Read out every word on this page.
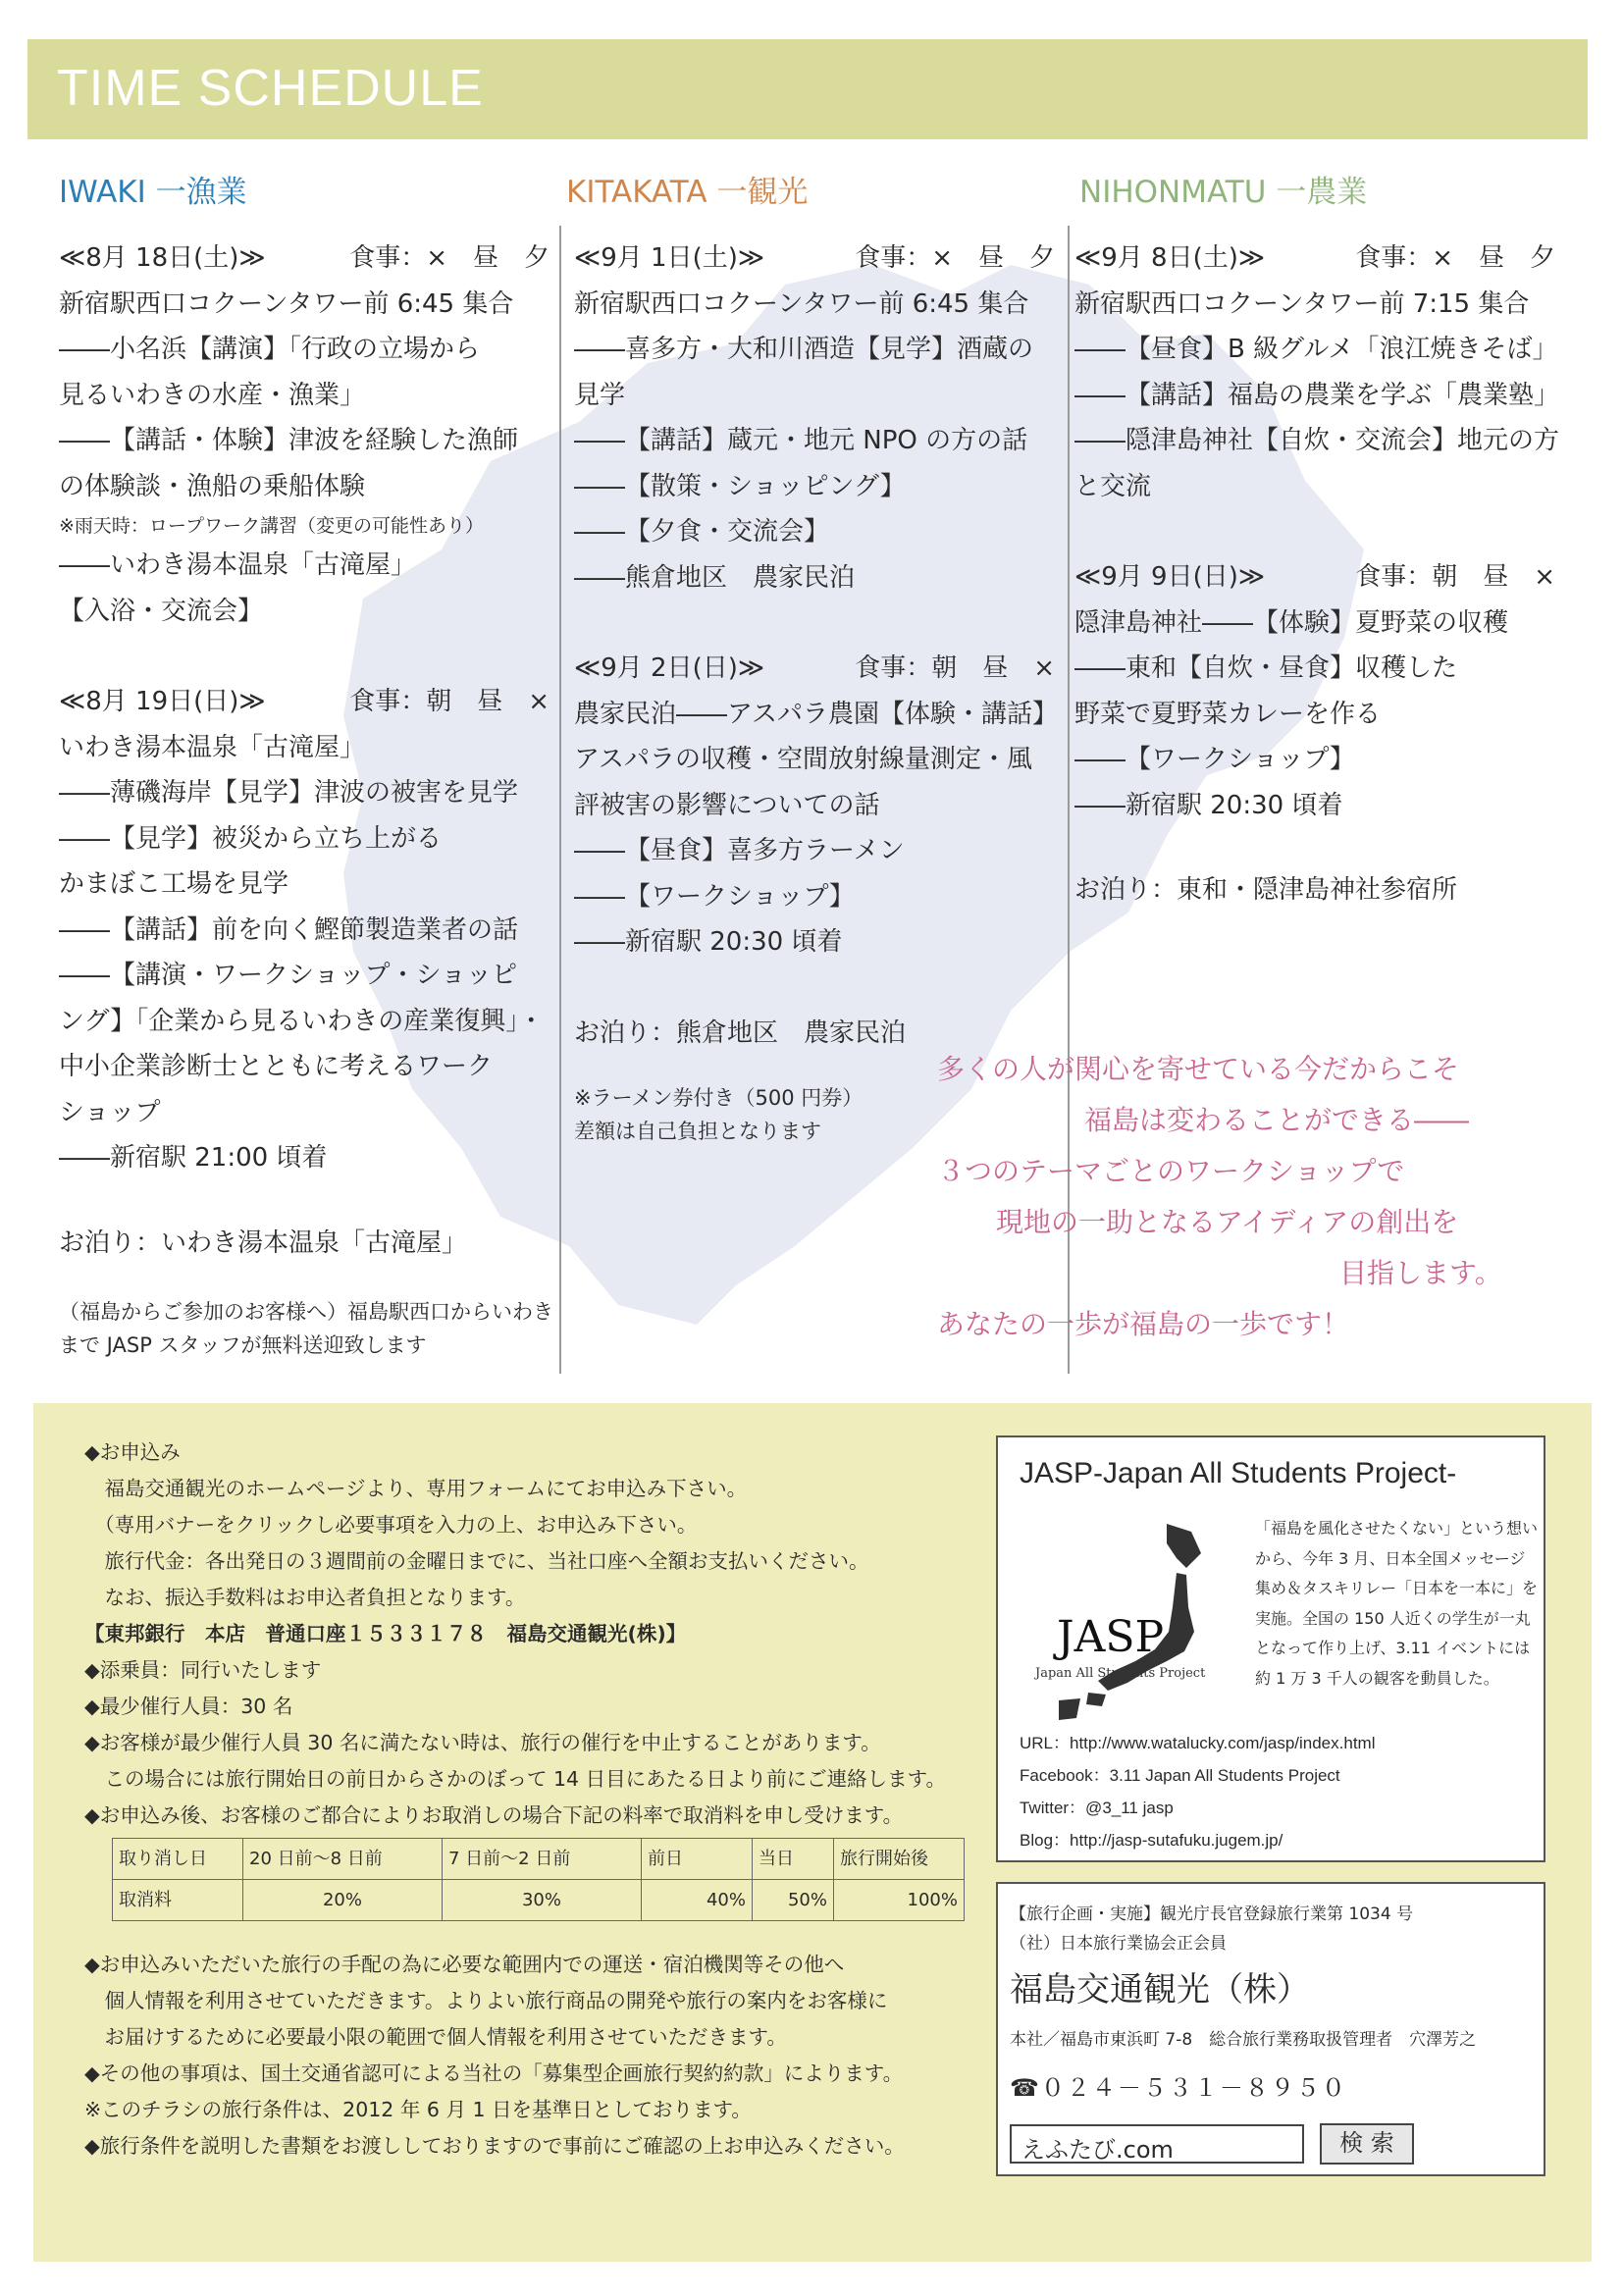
TIME SCHEDULE
IWAKI 一漁業	KITAKATA 一観光	NIHONMATU 一農業
≪8月 18日(土)≫	食事：×　昼　夕
新宿駅西口コクーンタワー前 6:45 集合
――小名浜【講演】「行政の立場から
見るいわきの水産・漁業」
――【講話・体験】津波を経験した漁師
の体験談・漁船の乗船体験
※雨天時：ロープワーク講習（変更の可能性あり）
――いわき湯本温泉「古滝屋」
【入浴・交流会】
≪8月 19日(日)≫	食事：朝　昼　×
いわき湯本温泉「古滝屋」
――薄磯海岸【見学】津波の被害を見学
――【見学】被災から立ち上がる
かまぼこ工場を見学
――【講話】前を向く鰹節製造業者の話
――【講演・ワークショップ・ショッピ
ング】「企業から見るいわきの産業復興」・
中小企業診断士とともに考えるワーク
ショップ
――新宿駅 21:00 頃着
お泊り：いわき湯本温泉「古滝屋」
（福島からご参加のお客様へ）福島駅西口からいわき
まで JASP スタッフが無料送迎致します
≪9月 1日(土)≫	食事：×　昼　夕
新宿駅西口コクーンタワー前 6:45 集合
――喜多方・大和川酒造【見学】酒蔵の
見学
――【講話】蔵元・地元 NPO の方の話
――【散策・ショッピング】
――【夕食・交流会】
――熊倉地区　農家民泊
≪9月 2日(日)≫	食事：朝　昼　×
農家民泊――アスパラ農園【体験・講話】
アスパラの収穫・空間放射線量測定・風
評被害の影響についての話
――【昼食】喜多方ラーメン
――【ワークショップ】
――新宿駅 20:30 頃着
お泊り：熊倉地区　農家民泊
※ラーメン券付き（500 円券）
差額は自己負担となります
≪9月 8日(土)≫	食事：×　昼　夕
新宿駅西口コクーンタワー前 7:15 集合
――【昼食】B 級グルメ「浪江焼きそば」
――【講話】福島の農業を学ぶ「農業塾」
――隠津島神社【自炊・交流会】地元の方
と交流
≪9月 9日(日)≫	食事：朝　昼　×
隠津島神社――【体験】夏野菜の収穫
――東和【自炊・昼食】収穫した
野菜で夏野菜カレーを作る
――【ワークショップ】
――新宿駅 20:30 頃着
お泊り：東和・隠津島神社参宿所
多くの人が関心を寄せている今だからこそ
福島は変わることができる――
３つのテーマごとのワークショップで
現地の一助となるアイディアの創出を
目指します。
あなたの一歩が福島の一歩です！
◆お申込み
　福島交通観光のホームページより、専用フォームにてお申込み下さい。
　（専用バナーをクリックし必要事項を入力の上、お申込み下さい。
　旅行代金：各出発日の３週間前の金曜日までに、当社口座へ全額お支払いください。
　なお、振込手数料はお申込者負担となります。
【東邦銀行　本店　普通口座１５３３１７８　福島交通観光(株)】
◆添乗員：同行いたします
◆最少催行人員：30 名
◆お客様が最少催行人員 30 名に満たない時は、旅行の催行を中止することがあります。
　この場合には旅行開始日の前日からさかのぼって 14 日目にあたる日より前にご連絡します。
◆お申込み後、お客様のご都合によりお取消しの場合下記の料率で取消料を申し受けます。
取り消し日	20 日前～8 日前	7 日前～2 日前	前日	当日	旅行開始後
取消料	20%	30%	40%	50%	100%
◆お申込みいただいた旅行の手配の為に必要な範囲内での運送・宿泊機関等その他へ
　個人情報を利用させていただきます。よりよい旅行商品の開発や旅行の案内をお客様に
　お届けするために必要最小限の範囲で個人情報を利用させていただきます。
◆その他の事項は、国土交通省認可による当社の「募集型企画旅行契約約款」によります。
※このチラシの旅行条件は、2012 年 6 月 1 日を基準日としております。
◆旅行条件を説明した書類をお渡ししておりますので事前にご確認の上お申込みください。
JASP-Japan All Students Project-
JASP
Japan All Students Project
「福島を風化させたくない」という想いから、今年 3 月、日本全国メッセージ集め＆タスキリレー「日本を一本に」を実施。全国の 150 人近くの学生が一丸となって作り上げ、3.11 イベントには約 1 万 3 千人の観客を動員した。
URL：http://www.watalucky.com/jasp/index.html
Facebook：3.11 Japan All Students Project
Twitter：@3_11 jasp
Blog：http://jasp-sutafuku.jugem.jp/
【旅行企画・実施】観光庁長官登録旅行業第 1034 号
（社）日本旅行業協会正会員
福島交通観光（株）
本社／福島市東浜町 7-8　総合旅行業務取扱管理者　穴澤芳之
☎０２４－５３１－８９５０
えふたび.com	検 索
